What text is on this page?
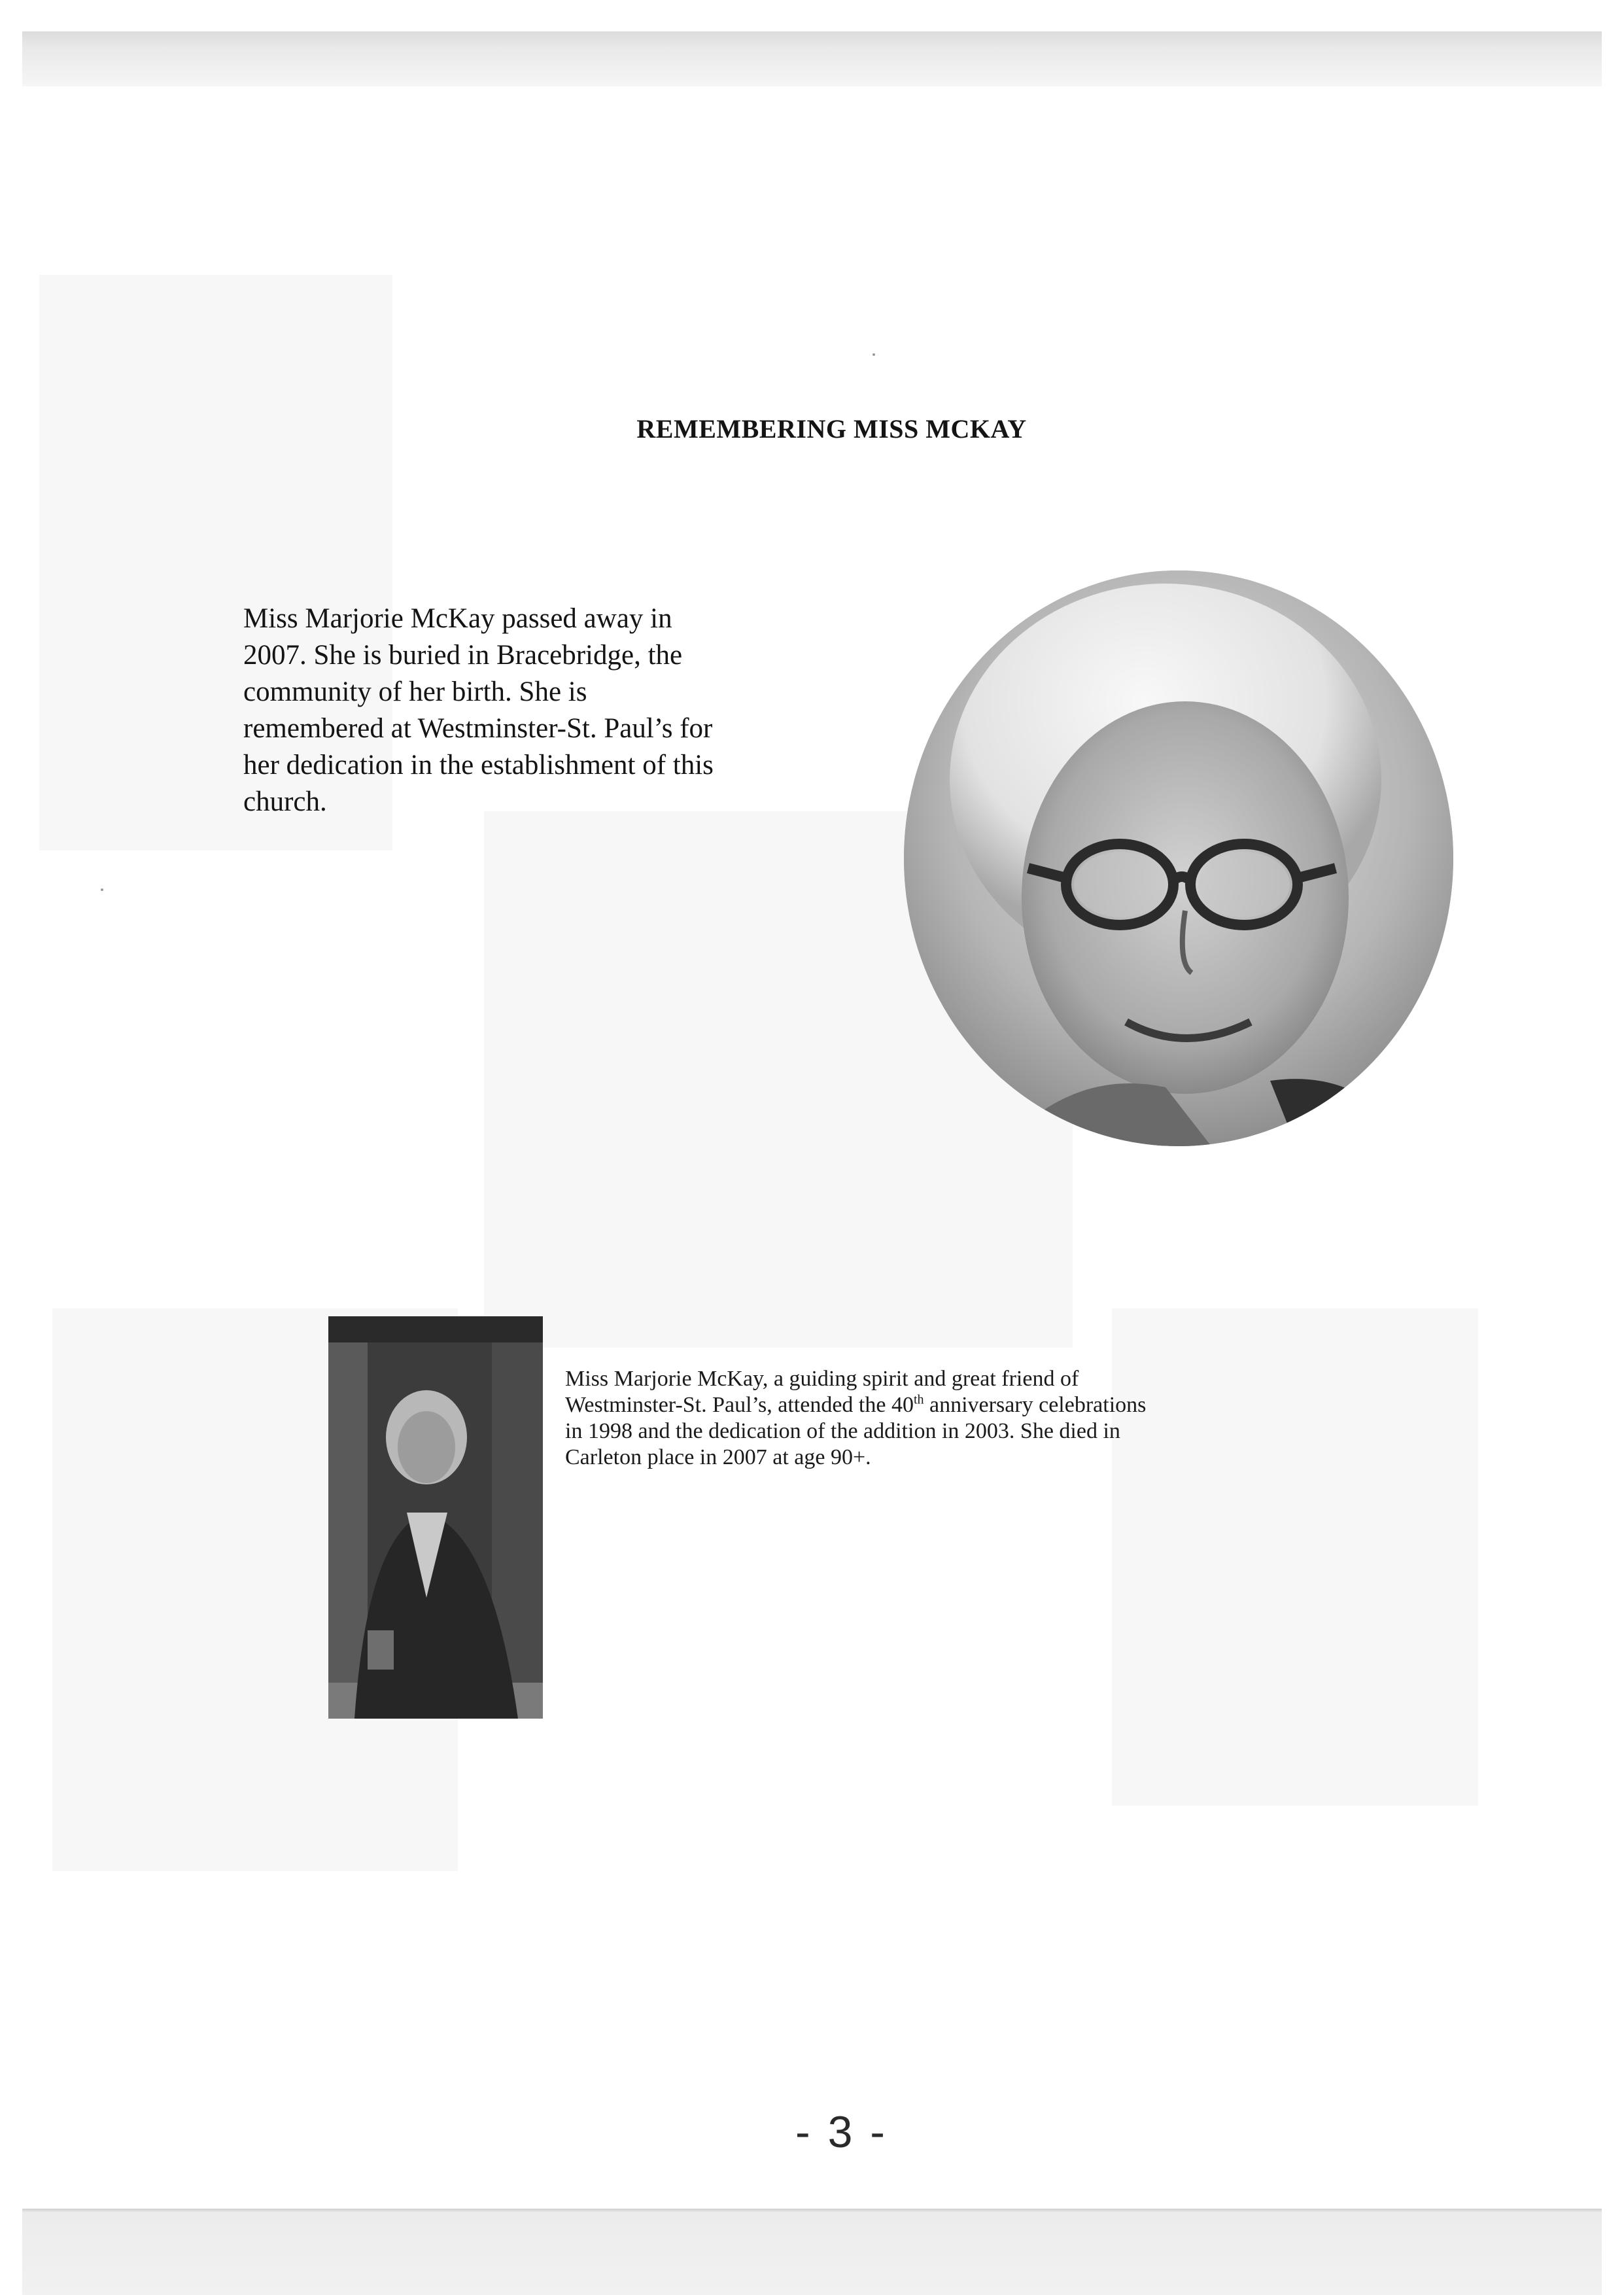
REMEMBERING MISS MCKAY
Miss Marjorie McKay passed away in
2007. She is buried in Bracebridge, the
community of her birth. She is
remembered at Westminster-St. Paul’s for
her dedication in the establishment of this
church.
Miss Marjorie McKay, a guiding spirit and great friend of
Westminster-St. Paul’s, attended the 40th anniversary celebrations
in 1998 and the dedication of the addition in 2003. She died in
Carleton place in 2007 at age 90+.
- 3 -
